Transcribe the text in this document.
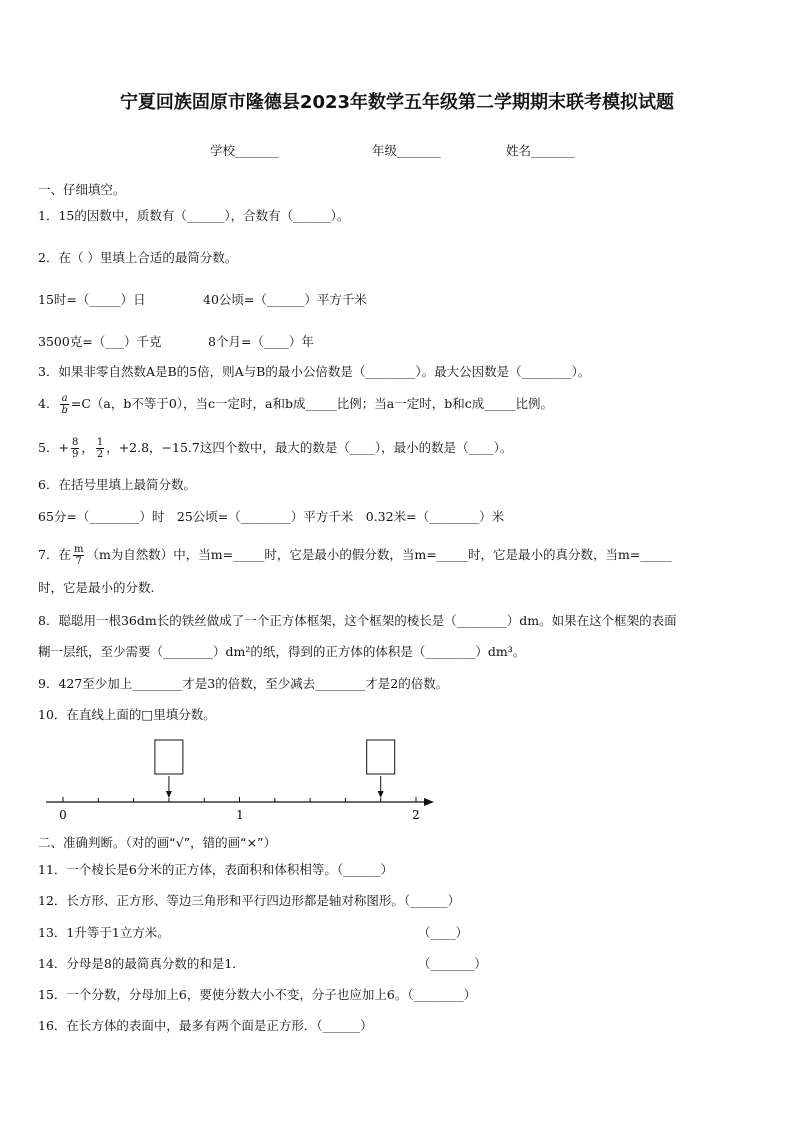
宁夏回族固原市隆德县2023年数学五年级第二学期期末联考模拟试题
学校_______	年级_______	姓名_______
一、仔细填空。
1．15的因数中，质数有（______），合数有（______）。
2．在（ ）里填上合适的最简分数。
15时=（_____）日	40公顷=（______）平方千米
3500克=（___）千克	8个月=（____）年
3．如果非零自然数A是B的5倍，则A与B的最小公倍数是（________）。最大公因数是（________）。
4． $\frac{a}{b} =C(a$，b不等于0），当c一定时，a和b成_____比例；当a一定时，b和c成_____比例。
5．+ $\frac{8}{9}$ ， $\frac{1}{2}$ ，+2.8，−15.7这四个数中，最大的数是（____），最小的数是（____）。
6．在括号里填上最简分数。
65分=（________）时　25公顷=（________）平方千米　0.32米=（________）米
7．在 $\frac{m}{7} (m$为自然数）中，当m=_____时，它是最小的假分数，当m=_____时，它是最小的真分数，当m=_____
时，它是最小的分数.
8．聪聪用一根36dm长的铁丝做成了一个正方体框架，这个框架的棱长是（________）dm。如果在这个框架的表面
糊一层纸，至少需要（________）dm²的纸，得到的正方体的体积是（________）dm³。
9．427至少加上________才是3的倍数，至少减去________才是2的倍数。
10．在直线上面的□里填分数。
0	1	2
二、准确判断。（对的画“√”，错的画“×”）
11．一个棱长是6分米的正方体，表面积和体积相等。（______）
12．长方形、正方形、等边三角形和平行四边形都是轴对称图形。（______）
13．1升等于1立方米。	（____）
14．分母是8的最简真分数的和是1．	（_______）
15．一个分数，分母加上6，要使分数大小不变，分子也应加上6。（________）
16．在长方体的表面中，最多有两个面是正方形．（______）
